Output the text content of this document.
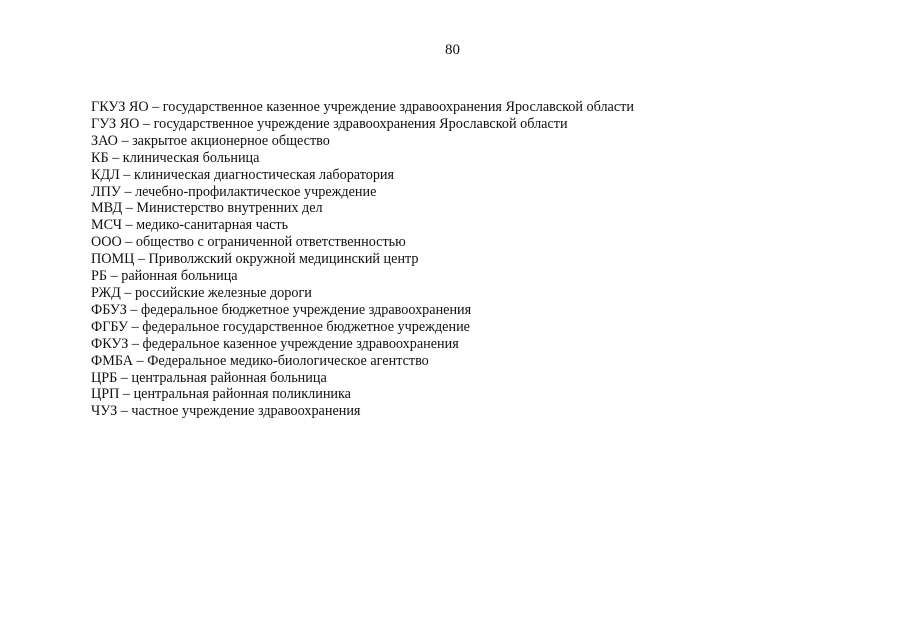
80
ГКУЗ ЯО – государственное казенное учреждение здравоохранения Ярославской области
ГУЗ ЯО – государственное учреждение здравоохранения Ярославской области
ЗАО – закрытое акционерное общество
КБ – клиническая больница
КДЛ – клиническая диагностическая лаборатория
ЛПУ – лечебно-профилактическое учреждение
МВД – Министерство внутренних дел
МСЧ – медико-санитарная часть
ООО – общество с ограниченной ответственностью
ПОМЦ – Приволжский окружной медицинский центр
РБ – районная больница
РЖД – российские железные дороги
ФБУЗ – федеральное бюджетное учреждение здравоохранения
ФГБУ – федеральное государственное бюджетное учреждение
ФКУЗ – федеральное казенное учреждение здравоохранения
ФМБА – Федеральное медико-биологическое агентство
ЦРБ – центральная районная больница
ЦРП – центральная районная поликлиника
ЧУЗ – частное учреждение здравоохранения
